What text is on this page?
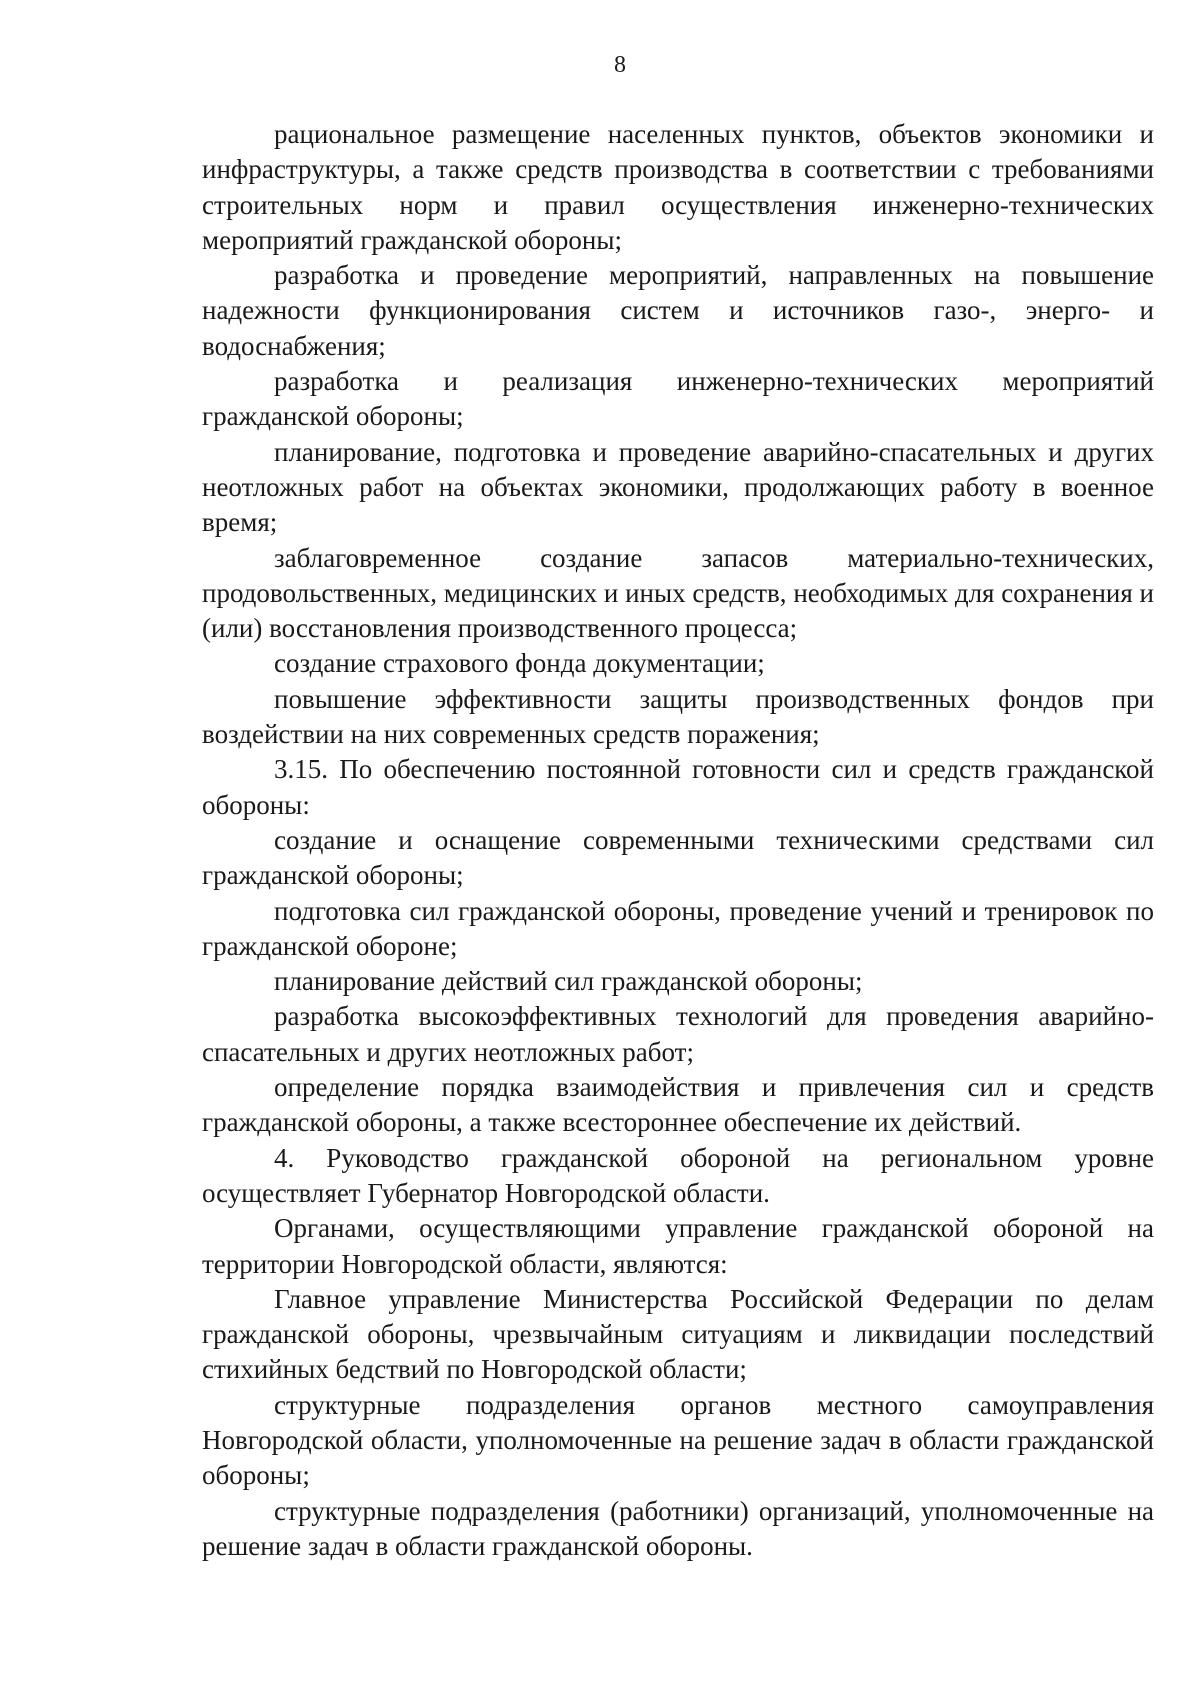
8

рациональное размещение населенных пунктов, объектов экономики и инфраструктуры, а также средств производства в соответствии с требованиями строительных норм и правил осуществления инженерно-технических мероприятий гражданской обороны;

разработка и проведение мероприятий, направленных на повышение надежности функционирования систем и источников газо-, энерго- и водоснабжения;

разработка и реализация инженерно-технических мероприятий гражданской обороны;

планирование, подготовка и проведение аварийно-спасательных и других неотложных работ на объектах экономики, продолжающих работу в военное время;

заблаговременное создание запасов материально-технических, продовольственных, медицинских и иных средств, необходимых для сохранения и (или) восстановления производственного процесса;

создание страхового фонда документации;

повышение эффективности защиты производственных фондов при воздействии на них современных средств поражения;

3.15. По обеспечению постоянной готовности сил и средств гражданской обороны:

создание и оснащение современными техническими средствами сил гражданской обороны;

подготовка сил гражданской обороны, проведение учений и тренировок по гражданской обороне;

планирование действий сил гражданской обороны;

разработка высокоэффективных технологий для проведения аварийно-спасательных и других неотложных работ;

определение порядка взаимодействия и привлечения сил и средств гражданской обороны, а также всестороннее обеспечение их действий.

4. Руководство гражданской обороной на региональном уровне осуществляет Губернатор Новгородской области.

Органами, осуществляющими управление гражданской обороной на территории Новгородской области, являются:

Главное управление Министерства Российской Федерации по делам гражданской обороны, чрезвычайным ситуациям и ликвидации последствий стихийных бедствий по Новгородской области;

структурные подразделения органов местного самоуправления Новгородской области, уполномоченные на решение задач в области гражданской обороны;

структурные подразделения (работники) организаций, уполномоченные на решение задач в области гражданской обороны.
